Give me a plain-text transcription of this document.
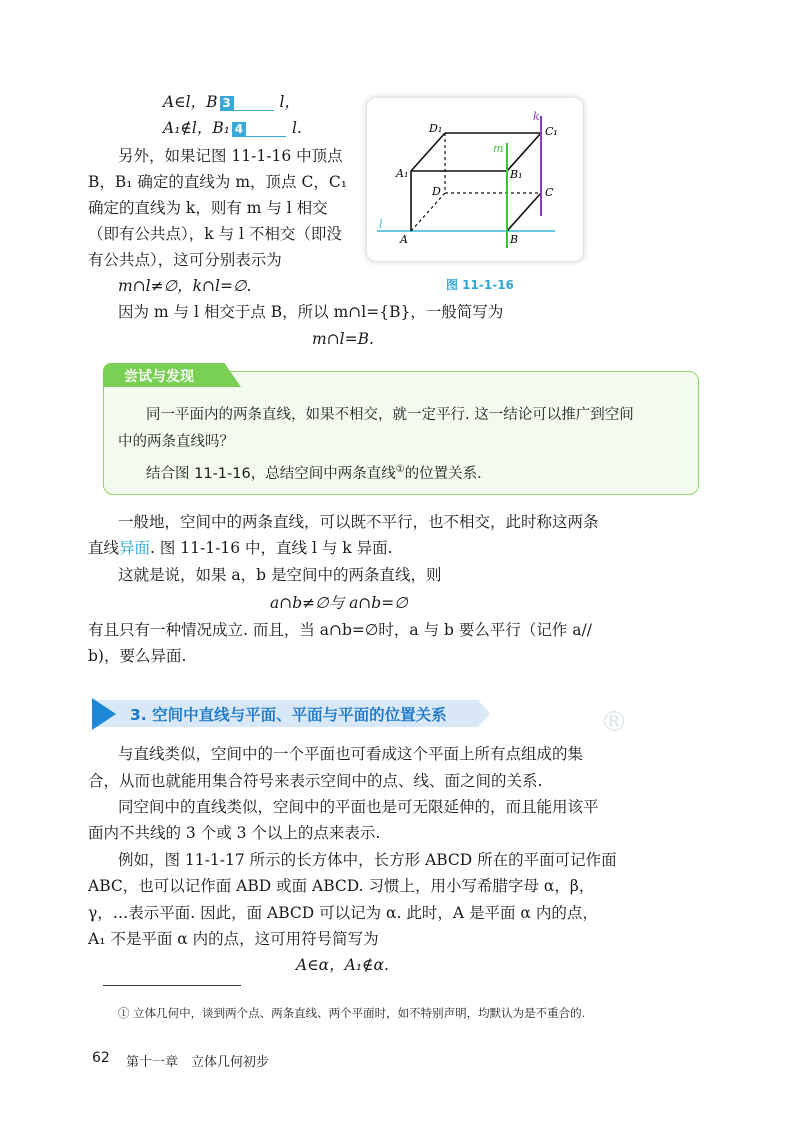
A∈l，B 3	l，
A₁∉l，B₁ 4	l.
另外，如果记图 11-1-16 中顶点
B，B₁ 确定的直线为 m，顶点 C，C₁
确定的直线为 k，则有 m 与 l 相交
（即有公共点），k 与 l 不相交（即没
有公共点），这可分别表示为
m∩l≠∅，k∩l=∅.
因为 m 与 l 相交于点 B，所以 m∩l={B}，一般简写为
m∩l=B.
D₁	C₁
A₁	B₁
D	C
A	B
k
m
l
图 11-1-16
尝试与发现
同一平面内的两条直线，如果不相交，就一定平行. 这一结论可以推广到空间
中的两条直线吗？
结合图 11-1-16，总结空间中两条直线①的位置关系.
一般地，空间中的两条直线，可以既不平行，也不相交，此时称这两条
直线异面. 图 11-1-16 中，直线 l 与 k 异面.
这就是说，如果 a，b 是空间中的两条直线，则
a∩b≠∅与 a∩b=∅
有且只有一种情况成立. 而且，当 a∩b=∅时，a 与 b 要么平行（记作 a//
b)，要么异面.
3. 空间中直线与平面、平面与平面的位置关系	®
与直线类似，空间中的一个平面也可看成这个平面上所有点组成的集
合，从而也就能用集合符号来表示空间中的点、线、面之间的关系.
同空间中的直线类似，空间中的平面也是可无限延伸的，而且能用该平
面内不共线的 3 个或 3 个以上的点来表示.
例如，图 11-1-17 所示的长方体中，长方形 ABCD 所在的平面可记作面
ABC，也可以记作面 ABD 或面 ABCD. 习惯上，用小写希腊字母 α，β，
γ，…表示平面. 因此，面 ABCD 可以记为 α. 此时，A 是平面 α 内的点，
A₁ 不是平面 α 内的点，这可用符号简写为
A∈α，A₁∉α.
① 立体几何中，谈到两个点、两条直线、两个平面时，如不特别声明，均默认为是不重合的.
62 第十一章　立体几何初步
